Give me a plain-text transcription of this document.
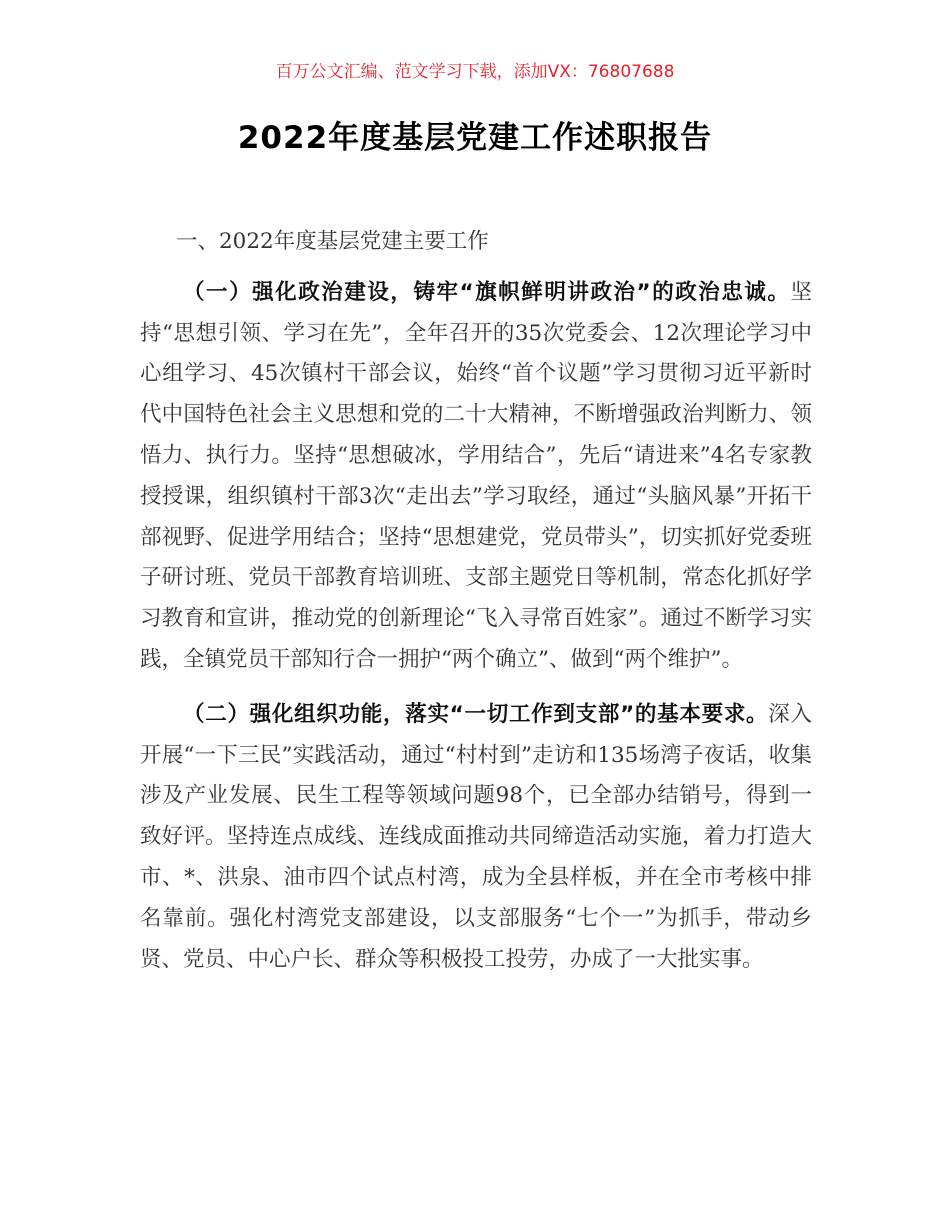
百万公文汇编、范文学习下载，添加VX：76807688
2022年度基层党建工作述职报告

一、2022年度基层党建主要工作

（一）强化政治建设，铸牢“旗帜鲜明讲政治”的政治忠诚。坚持“思想引领、学习在先”，全年召开的35次党委会、12次理论学习中心组学习、45次镇村干部会议，始终“首个议题”学习贯彻习近平新时代中国特色社会主义思想和党的二十大精神，不断增强政治判断力、领悟力、执行力。坚持“思想破冰，学用结合”，先后“请进来”4名专家教授授课，组织镇村干部3次“走出去”学习取经，通过“头脑风暴”开拓干部视野、促进学用结合；坚持“思想建党，党员带头”，切实抓好党委班子研讨班、党员干部教育培训班、支部主题党日等机制，常态化抓好学习教育和宣讲，推动党的创新理论“飞入寻常百姓家”。通过不断学习实践，全镇党员干部知行合一拥护“两个确立”、做到“两个维护”。

（二）强化组织功能，落实“一切工作到支部”的基本要求。深入开展“一下三民”实践活动，通过“村村到”走访和135场湾子夜话，收集涉及产业发展、民生工程等领域问题98个，已全部办结销号，得到一致好评。坚持连点成线、连线成面推动共同缔造活动实施，着力打造大市、*、洪泉、油市四个试点村湾，成为全县样板，并在全市考核中排名靠前。强化村湾党支部建设，以支部服务“七个一”为抓手，带动乡贤、党员、中心户长、群众等积极投工投劳，办成了一大批实事。
